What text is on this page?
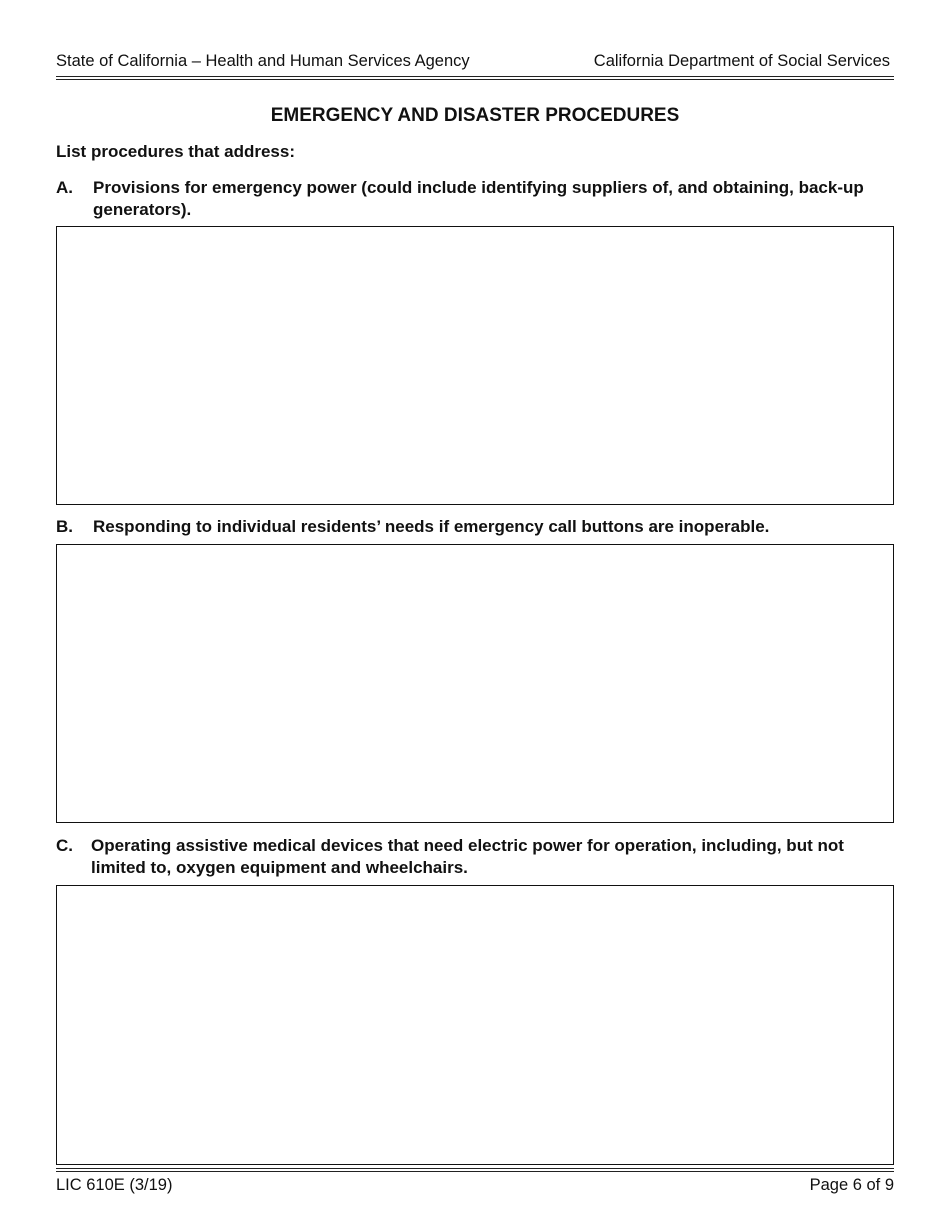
State of California – Health and Human Services Agency	California Department of Social Services
EMERGENCY AND DISASTER PROCEDURES
List procedures that address:
A. Provisions for emergency power (could include identifying suppliers of, and obtaining, back-up generators).
B. Responding to individual residents’ needs if emergency call buttons are inoperable.
C. Operating assistive medical devices that need electric power for operation, including, but not limited to, oxygen equipment and wheelchairs.
LIC 610E (3/19)	Page 6 of 9
